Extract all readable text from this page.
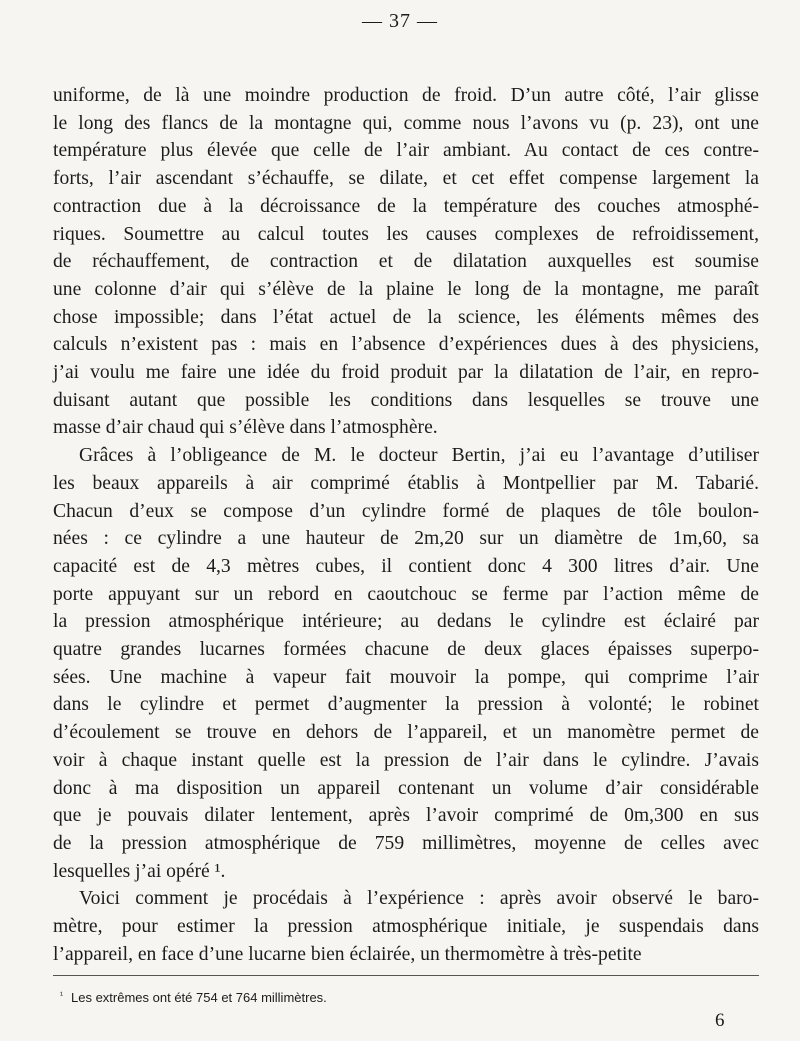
— 37 —

uniforme, de là une moindre production de froid. D’un autre côté, l’air glisse

le long des flancs de la montagne qui, comme nous l’avons vu (p. 23), ont une

température plus élevée que celle de l’air ambiant. Au contact de ces contre-

forts, l’air ascendant s’échauffe, se dilate, et cet effet compense largement la

contraction due à la décroissance de la température des couches atmosphé-

riques. Soumettre au calcul toutes les causes complexes de refroidissement,

de réchauffement, de contraction et de dilatation auxquelles est soumise

une colonne d’air qui s’élève de la plaine le long de la montagne, me paraît

chose impossible; dans l’état actuel de la science, les éléments mêmes des

calculs n’existent pas : mais en l’absence d’expériences dues à des physiciens,

j’ai voulu me faire une idée du froid produit par la dilatation de l’air, en repro-

duisant autant que possible les conditions dans lesquelles se trouve une

masse d’air chaud qui s’élève dans l’atmosphère.

Grâces à l’obligeance de M. le docteur Bertin, j’ai eu l’avantage d’utiliser

les beaux appareils à air comprimé établis à Montpellier par M. Tabarié.

Chacun d’eux se compose d’un cylindre formé de plaques de tôle boulon-

nées : ce cylindre a une hauteur de 2m,20 sur un diamètre de 1m,60, sa

capacité est de 4,3 mètres cubes, il contient donc 4 300 litres d’air. Une

porte appuyant sur un rebord en caoutchouc se ferme par l’action même de

la pression atmosphérique intérieure; au dedans le cylindre est éclairé par

quatre grandes lucarnes formées chacune de deux glaces épaisses superpo-

sées. Une machine à vapeur fait mouvoir la pompe, qui comprime l’air

dans le cylindre et permet d’augmenter la pression à volonté; le robinet

d’écoulement se trouve en dehors de l’appareil, et un manomètre permet de

voir à chaque instant quelle est la pression de l’air dans le cylindre. J’avais

donc à ma disposition un appareil contenant un volume d’air considérable

que je pouvais dilater lentement, après l’avoir comprimé de 0m,300 en sus

de la pression atmosphérique de 759 millimètres, moyenne de celles avec

lesquelles j’ai opéré ¹.

Voici comment je procédais à l’expérience : après avoir observé le baro-

mètre, pour estimer la pression atmosphérique initiale, je suspendais dans

l’appareil, en face d’une lucarne bien éclairée, un thermomètre à très-petite

$^{^1}$ Les extrêmes ont été 754 et 764 millimètres.
6
